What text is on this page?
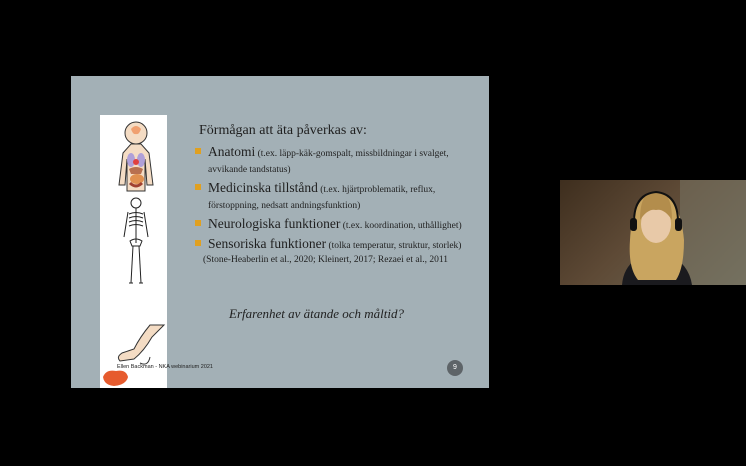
Förmågan att äta påverkas av:
Anatomi (t.ex. läpp-käk-gomspalt, missbildningar i svalget, avvikande tandstatus)
Medicinska tillstånd (t.ex. hjärtproblematik, reflux, förstoppning, nedsatt andningsfunktion)
Neurologiska funktioner (t.ex. koordination, uthållighet)
Sensoriska funktioner (tolka temperatur, struktur, storlek)
(Stone-Heaberlin et al., 2020; Kleinert, 2017; Rezaei et al., 2011
Erfarenhet av ätande och måltid?
Ellen Backman - NKA webinarium 2021	9
